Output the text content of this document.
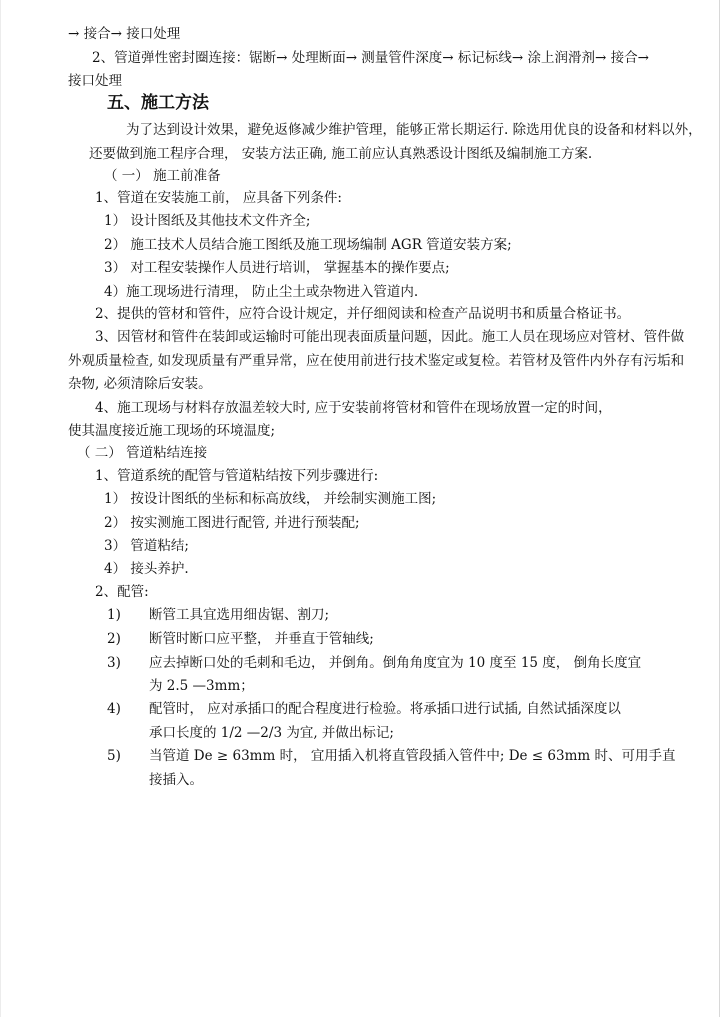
→ 接合→ 接口处理
2、管道弹性密封圈连接：锯断→ 处理断面→ 测量管件深度→ 标记标线→ 涂上润滑剂→ 接合→
接口处理
五、施工方法
为了达到设计效果，避免返修减少维护管理，能够正常长期运行. 除选用优良的设备和材料以外，
还要做到施工程序合理， 安装方法正确, 施工前应认真熟悉设计图纸及编制施工方案.
（ 一） 施工前准备
1、管道在安装施工前， 应具备下列条件:
1） 设计图纸及其他技术文件齐全;
2） 施工技术人员结合施工图纸及施工现场编制 AGR 管道安装方案;
3） 对工程安装操作人员进行培训， 掌握基本的操作要点;
4）施工现场进行清理， 防止尘土或杂物进入管道内.
2、提供的管材和管件，应符合设计规定，并仔细阅读和检查产品说明书和质量合格证书。
3、因管材和管件在装卸或运输时可能出现表面质量问题，因此。施工人员在现场应对管材、管件做
外观质量检查, 如发现质量有严重异常，应在使用前进行技术鉴定或复检。若管材及管件内外存有污垢和
杂物, 必须清除后安装。
4、施工现场与材料存放温差较大时, 应于安装前将管材和管件在现场放置一定的时间，
使其温度接近施工现场的环境温度;
（ 二） 管道粘结连接
1、管道系统的配管与管道粘结按下列步骤进行:
1） 按设计图纸的坐标和标高放线， 并绘制实测施工图;
2） 按实测施工图进行配管, 并进行预装配;
3） 管道粘结;
4） 接头养护.
2、配管:
1) 断管工具宜选用细齿锯、割刀;
2) 断管时断口应平整， 并垂直于管轴线;
3) 应去掉断口处的毛刺和毛边， 并倒角。倒角角度宜为 10 度至 15 度， 倒角长度宜
为 2.5 —3mm；
4) 配管时， 应对承插口的配合程度进行检验。将承插口进行试插, 自然试插深度以
承口长度的 1/2 —2/3 为宜, 并做出标记;
5) 当管道 De ≥ 63mm 时， 宜用插入机将直管段插入管件中; De ≤ 63mm 时、可用手直
接插入。
